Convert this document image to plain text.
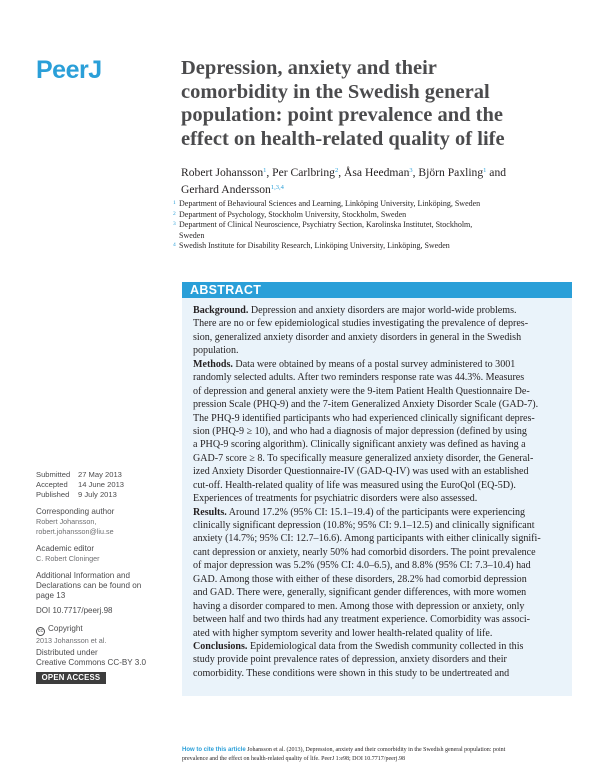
PeerJ	Depression, anxiety and their
comorbidity in the Swedish general
population: point prevalence and the
effect on health-related quality of life
Robert Johansson$^1$, Per Carlbring$^2$, Åsa Heedman$^3$, Björn Paxling$^1$ and
Gerhard Andersson$^{1,3,4}$
1 Department of Behavioural Sciences and Learning, Linköping University, Linköping, Sweden
2 Department of Psychology, Stockholm University, Stockholm, Sweden
3 Department of Clinical Neuroscience, Psychiatry Section, Karolinska Institutet, Stockholm,
Sweden
4 Swedish Institute for Disability Research, Linköping University, Linköping, Sweden
ABSTRACT
Background. Depression and anxiety disorders are major world-wide problems.
There are no or few epidemiological studies investigating the prevalence of depres-
sion, generalized anxiety disorder and anxiety disorders in general in the Swedish
population.
Methods. Data were obtained by means of a postal survey administered to 3001
randomly selected adults. After two reminders response rate was 44.3%. Measures
of depression and general anxiety were the 9-item Patient Health Questionnaire De-
pression Scale (PHQ-9) and the 7-item Generalized Anxiety Disorder Scale (GAD-7).
The PHQ-9 identified participants who had experienced clinically significant depres-
sion (PHQ-9 ≥ 10), and who had a diagnosis of major depression (defined by using
a PHQ-9 scoring algorithm). Clinically significant anxiety was defined as having a
GAD-7 score ≥ 8. To specifically measure generalized anxiety disorder, the General-
ized Anxiety Disorder Questionnaire-IV (GAD-Q-IV) was used with an established
cut-off. Health-related quality of life was measured using the EuroQol (EQ-5D).
Experiences of treatments for psychiatric disorders were also assessed.
Results. Around 17.2% (95% CI: 15.1–19.4) of the participants were experiencing
clinically significant depression (10.8%; 95% CI: 9.1–12.5) and clinically significant
anxiety (14.7%; 95% CI: 12.7–16.6). Among participants with either clinically signifi-
cant depression or anxiety, nearly 50% had comorbid disorders. The point prevalence
of major depression was 5.2% (95% CI: 4.0–6.5), and 8.8% (95% CI: 7.3–10.4) had
GAD. Among those with either of these disorders, 28.2% had comorbid depression
and GAD. There were, generally, significant gender differences, with more women
having a disorder compared to men. Among those with depression or anxiety, only
between half and two thirds had any treatment experience. Comorbidity was associ-
ated with higher symptom severity and lower health-related quality of life.
Conclusions. Epidemiological data from the Swedish community collected in this
study provide point prevalence rates of depression, anxiety disorders and their
comorbidity. These conditions were shown in this study to be undertreated and
Submitted	27 May 2013
Accepted	14 June 2013
Published	9 July 2013
Corresponding author
Robert Johansson,
robert.johansson@liu.se
Academic editor
C. Robert Cloninger
Additional Information and
Declarations can be found on
page 13
DOI 10.7717/peerj.98
cc Copyright
2013 Johansson et al.
Distributed under
Creative Commons CC-BY 3.0
OPEN ACCESS
How to cite this article Johansson et al. (2013), Depression, anxiety and their comorbidity in the Swedish general population: point
prevalence and the effect on health-related quality of life. PeerJ 1:e98; DOI 10.7717/peerj.98
